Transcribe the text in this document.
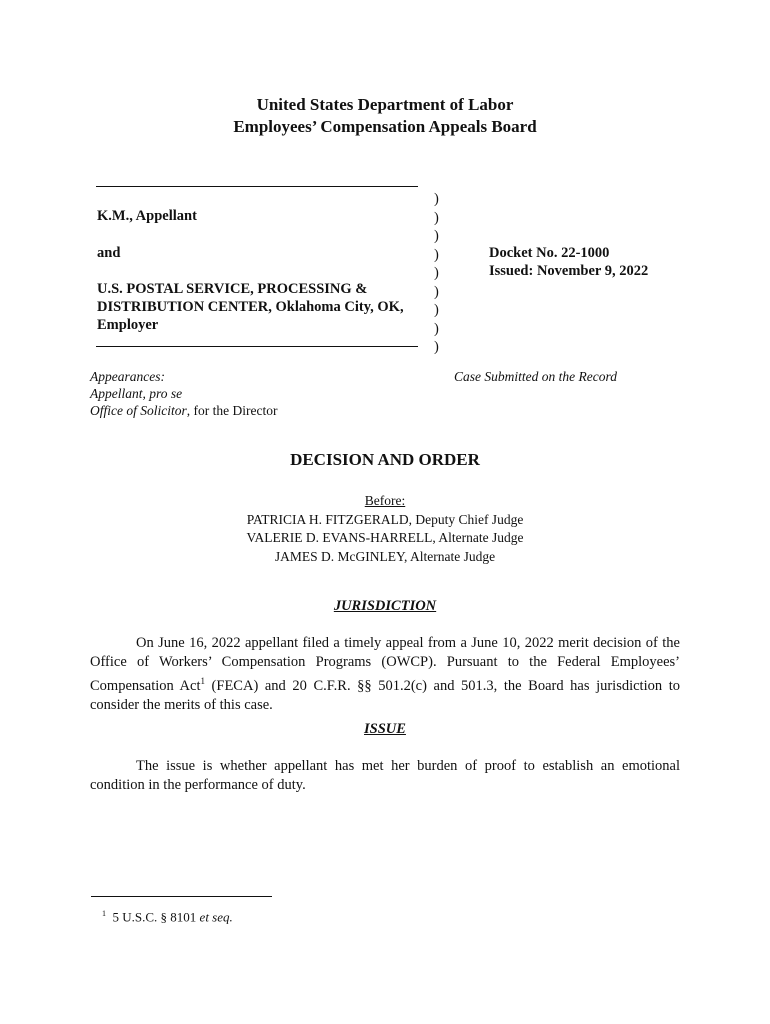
United States Department of Labor
Employees’ Compensation Appeals Board
K.M., Appellant
and
U.S. POSTAL SERVICE, PROCESSING &
DISTRIBUTION CENTER, Oklahoma City, OK,
Employer
)
)
)
)
)
)
)
)
)
Docket No. 22-1000
Issued: November 9, 2022
Appearances:
Appellant, pro se
Office of Solicitor, for the Director
Case Submitted on the Record
DECISION AND ORDER
Before:
PATRICIA H. FITZGERALD, Deputy Chief Judge
VALERIE D. EVANS-HARRELL, Alternate Judge
JAMES D. McGINLEY, Alternate Judge
JURISDICTION
On June 16, 2022 appellant filed a timely appeal from a June 10, 2022 merit decision of the Office of Workers’ Compensation Programs (OWCP). Pursuant to the Federal Employees’ Compensation Act$^1$ (FECA) and 20 C.F.R. §§ 501.2(c) and 501.3, the Board has jurisdiction to consider the merits of this case.
ISSUE
The issue is whether appellant has met her burden of proof to establish an emotional condition in the performance of duty.
$^1$ 5 U.S.C. § 8101 et seq.
